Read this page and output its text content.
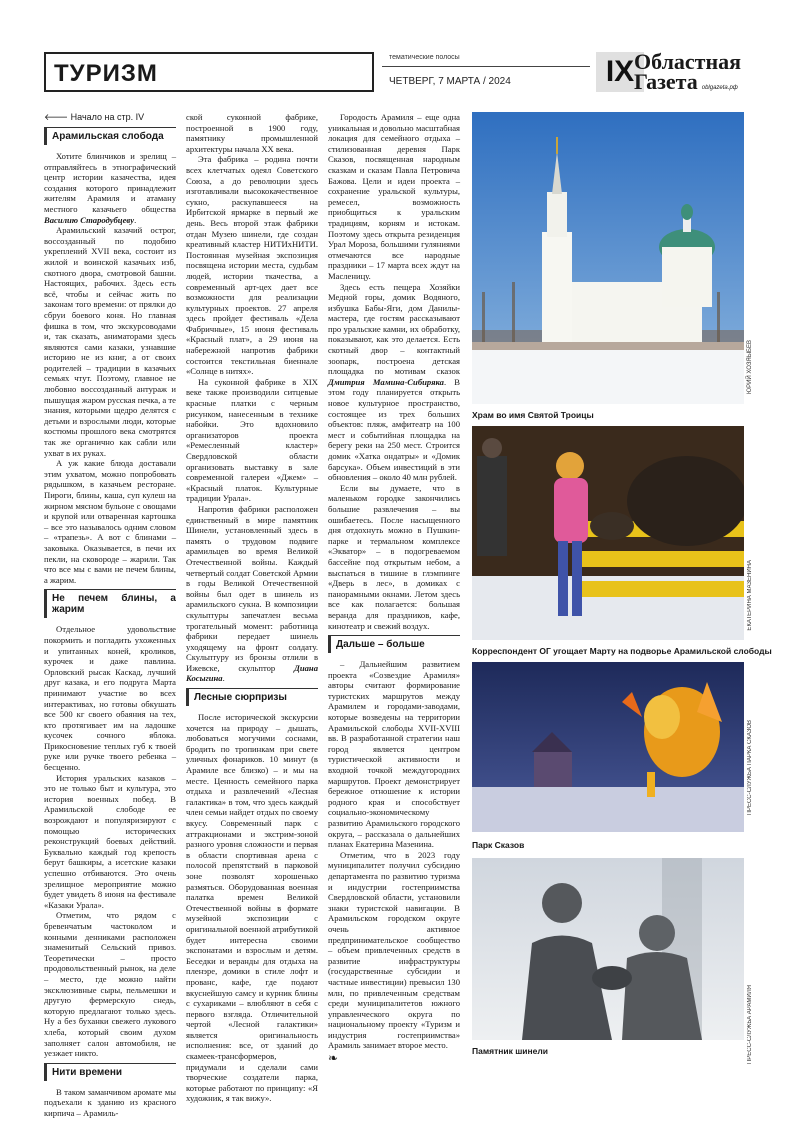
ТУРИЗМ
тематические полосы
ЧЕТВЕРГ, 7 МАРТА / 2024	IX Областная
Газета oblgazeta.рф
🡐 Начало на стр. IV
Арамильская слобода

Хотите блинчиков и зрелищ – отправляйтесь в этнографический центр истории казачества, идея создания которого принадлежит жителям Арамиля и атаману местного казачьего общества Василию Стародубцеву.

Арамильский казачий острог, воссозданный по подобию укреплений XVII века, состоит из жилой и воинской казачьих изб, скотного двора, смотровой башни. Настоящих, рабочих. Здесь есть всё, чтобы и сейчас жить по законам того времени: от прялки до сбруи боевого коня. Но главная фишка в том, что экскурсоводами и, так сказать, аниматорами здесь являются сами казаки, узнавшие историю не из книг, а от своих родителей – традиции в казачьих семьях чтут. Поэтому, главное не любовно воссозданный антураж и пышущая жаром русская печка, а те знания, которыми щедро делятся с детьми и взрослыми люди, которые костюмы прошлого века смотрятся так же органично как сабли или ухват в их руках.

А уж какие блюда доставали этим ухватом, можно попробовать рядышком, в казачьем ресторане. Пироги, блины, каша, суп кулеш на жирном мясном бульоне с овощами и крупой или отваренная картошка – все это называлось одним словом – «трапезь». А вот с блинами – заковыка. Оказывается, в печи их пекли, на сковороде – жарили. Так что все мы с вами не печем блины, а жарим.

Не печем блины, а жарим

Отдельное удовольствие покормить и погладить ухоженных и упитанных коней, кроликов, курочек и даже павлина. Орловский рысак Каскад, лучший друг казака, и его подруга Марта принимают участие во всех интерактивах, но готовы обкушать все 500 кг своего обаяния на тех, кто протягивает им на ладошке кусочек сочного яблока. Прикосновение теплых губ к твоей руке или ручке твоего ребенка – бесценно.

История уральских казаков – это не только быт и культура, это история военных побед. В Арамильской слободе ее возрождают и популяризируют с помощью исторических реконструкций боевых действий. Буквально каждый год крепость берут башкиры, а исетские казаки успешно отбиваются. Это очень зрелищное мероприятие можно будет увидеть 8 июня на фестивале «Казаки Урала».

Отметим, что рядом с бревенчатым частоколом и конными денниками расположен знаменитый Сельский привоз. Теоретически – просто продовольственный рынок, на деле – место, где можно найти эксклюзивные сыры, пельмешки и другую фермерскую снедь, которую предлагают только здесь. Ну а без буханки свежего лукового хлеба, который своим духом заполняет салон автомобиля, не уезжает никто.

Нити времени

В таком заманчивом аромате мы подъехали к зданию из красного кирпича – Арамиль-

ской суконной фабрике, построенной в 1900 году, памятнику промышленной архитектуры начала XX века.

Эта фабрика – родина почти всех клетчатых одеял Советского Союза, а до революции здесь изготавливали высококачественное сукно, раскупавшееся на Ирбитской ярмарке в первый же день. Весь второй этаж фабрики отдан Музею шинели, где создан креативный кластер НИТИхНИТИ. Постоянная музейная экспозиция посвящена истории места, судьбам людей, истории ткачества, а современный арт-цех дает все возможности для реализации культурных проектов. 27 апреля здесь пройдет фестиваль «Дела Фабричные», 15 июня фестиваль «Красный плат», а 29 июня на набережной напротив фабрики состоится текстильная биеннале «Солнце в нитях».

На суконной фабрике в XIX веке также производили ситцевые красные платки с черным рисунком, нанесенным в технике набойки. Это вдохновило организаторов проекта «Ремесленный кластер» Свердловской области организовать выставку в зале современной галереи «Джем» – «Красный платок. Культурные традиции Урала».

Напротив фабрики расположен единственный в мире памятник Шинели, установленный здесь в память о трудовом подвиге арамильцев во время Великой Отечественной войны. Каждый четвертый солдат Советской Армии в годы Великой Отечественной войны был одет в шинель из арамильского сукна. В композиции скульптуры запечатлен весьма трогательный момент: работница фабрики передает шинель уходящему на фронт солдату. Скульптуру из бронзы отлили в Ижевске, скульптор Диана Косыгина.

Лесные сюрпризы

После исторической экскурсии хочется на природу – дышать, любоваться могучими соснами, бродить по тропинкам при свете уличных фонариков. 10 минут (в Арамиле все близко) – и мы на месте. Ценность семейного парка отдыха и развлечений «Лесная галактика» в том, что здесь каждый член семьи найдет отдых по своему вкусу. Современный парк с аттракционами и экстрим-зоной разного уровня сложности и первая в области спортивная арена с полосой препятствий в парковой зоне позволят хорошенько размяться. Оборудованная военная палатка времен Великой Отечественной войны в формате музейной экспозиции с оригинальной военной атрибутикой будет интересна своими экспонатами и взрослым и детям. Беседки и веранды для отдыха на пленэре, домики в стиле лофт и прованс, кафе, где подают вкуснейшую самсу и курник блины с сухариками – влюбляют в себя с первого взгляда. Отличительной чертой «Лесной галактики» является оригинальность исполнения: все, от зданий до скамеек-трансформеров, придумали и сделали сами творческие создатели парка, которые работают по принципу: «Я художник, я так вижу».

Городость Арамиля – еще одна уникальная и довольно масштабная локация для семейного отдыха – стилизованная деревня Парк Сказов, посвященная народным сказкам и сказам Павла Петровича Бажова. Цели и идеи проекта – сохранение уральской культуры, ремесел, возможность приобщиться к уральским традициям, корням и истокам. Поэтому здесь открыта резиденция Урал Мороза, большими гуляниями отмечаются все народные праздники – 17 марта всех ждут на Масленицу.

Здесь есть пещера Хозяйки Медной горы, домик Водяного, избушка Бабы-Яги, дом Данилы-мастера, где гостям рассказывают про уральские камни, их обработку, показывают, как это делается. Есть скотный двор – контактный зоопарк, построена детская площадка по мотивам сказок Дмитрия Мамина-Сибиряка. В этом году планируется открыть новое культурное пространство, состоящее из трех больших объектов: пляж, амфитеатр на 100 мест и событийная площадка на берегу реки на 250 мест. Строится домик «Хатка ондатры» и «Домик барсука». Объем инвестиций в эти обновления – около 40 млн рублей.

Если вы думаете, что в маленьком городке закончились большие развлечения – вы ошибаетесь. После насыщенного дня отдохнуть можно в Пушкин-парке и термальном комплексе «Экватор» – в подогреваемом бассейне под открытым небом, а выспаться в тишине в глэмпинге «Дверь в лес», в домиках с панорамными окнами. Летом здесь все как полагается: большая веранда для праздников, кафе, кинотеатр и свежий воздух.

Дальше – больше

– Дальнейшим развитием проекта «Созвездие Арамиля» авторы считают формирование туристских маршрутов между Арамилем и городами-заводами, которые возведены на территории Арамильской слободы XVII-XVIII вв. В разработанной стратегии наш город является центром туристической активности и входной точкой междугородних маршрутов. Проект демонстрирует бережное отношение к истории родного края и способствует социально-экономическому развитию Арамильского городского округа, – рассказала о дальнейших планах Екатерина Мазенина.

Отметим, что в 2023 году муниципалитет получил субсидию департамента по развитию туризма и индустрии гостеприимства Свердловской области, установили знаки туристской навигации. В Арамильском городском округе очень активное предпринимательское сообщество – объем привлеченных средств в развитие инфраструктуры (государственные субсидии и частные инвестиции) превысил 130 млн, по привлеченным средствам среди муниципалитетов южного управленческого округа по национальному проекту «Туризм и индустрия гостеприимства» Арамиль занимает второе место.

❧
ЮРИЙ ХОЗЯЫБЕВ
Храм во имя Святой Троицы
ЕКАТЕРИНА МАЗЕНИНА
Корреспондент ОГ угощает Марту на подворье Арамильской слободы
ПРЕСС-СЛУЖБА ПАРКА СКАЗОВ
Парк Сказов
ПРЕСС-СЛУЖБА АРАМИЛЯ
Памятник шинели
